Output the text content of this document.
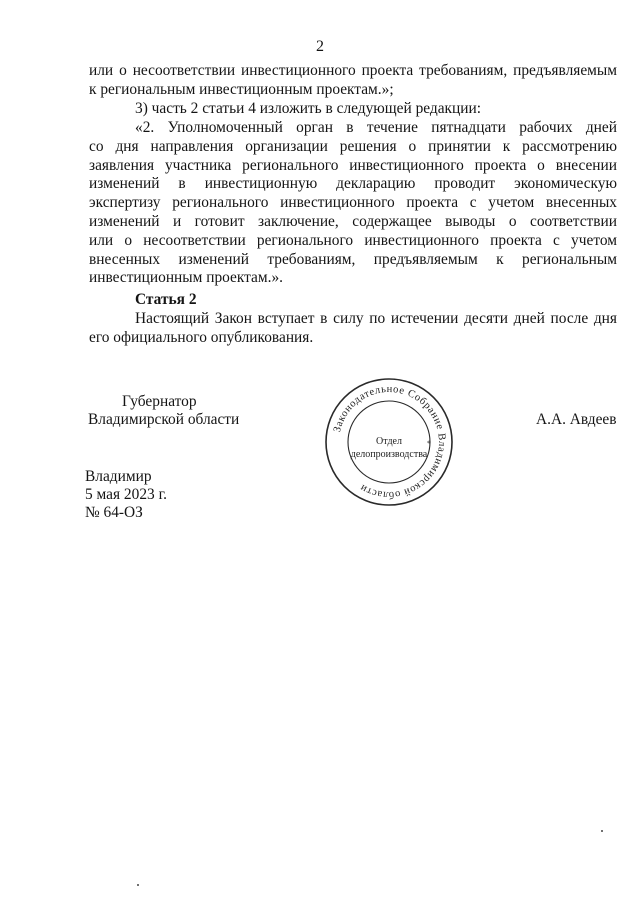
2
или о несоответствии инвестиционного проекта требованиям, предъявляемым
к региональным инвестиционным проектам.»;
3) часть 2 статьи 4 изложить в следующей редакции:
«2. Уполномоченный орган в течение пятнадцати рабочих дней
со дня направления организации решения о принятии к рассмотрению
заявления участника регионального инвестиционного проекта о внесении
изменений в инвестиционную декларацию проводит экономическую
экспертизу регионального инвестиционного проекта с учетом внесенных
изменений и готовит заключение, содержащее выводы о соответствии
или о несоответствии регионального инвестиционного проекта с учетом
внесенных изменений требованиям, предъявляемым к региональным
инвестиционным проектам.».
Статья 2
Настоящий Закон вступает в силу по истечении десяти дней после дня
его официального опубликования.
Губернатор
Владимирской области	А.А. Авдеев
Законодательное Собрание Владимирской области
*
Отдел
делопроизводства
Владимир
5 мая 2023 г.
№ 64-ОЗ
